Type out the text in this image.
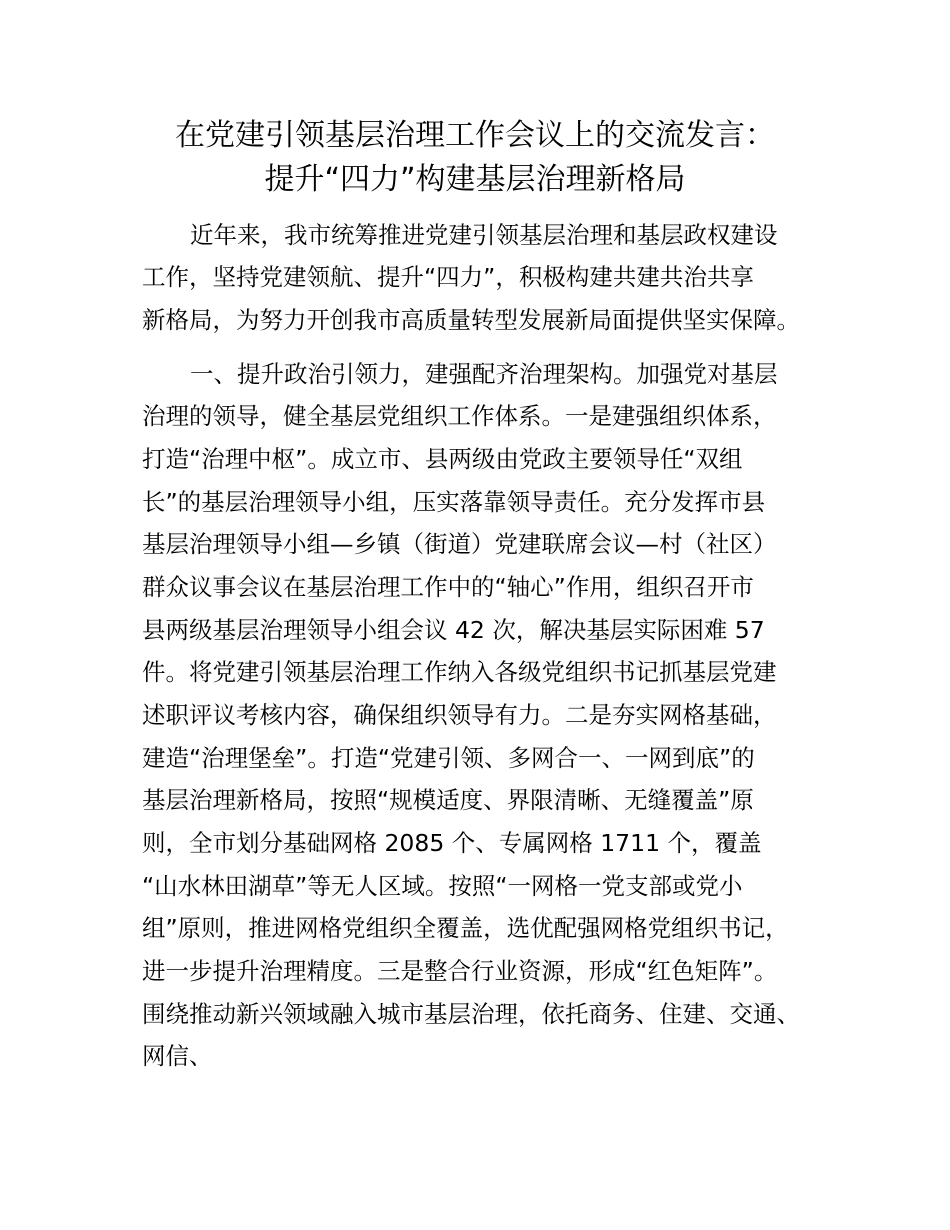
在党建引领基层治理工作会议上的交流发言：
提升“四力”构建基层治理新格局

近年来，我市统筹推进党建引领基层治理和基层政权建设

工作，坚持党建领航、提升“四力”，积极构建共建共治共享

新格局，为努力开创我市高质量转型发展新局面提供坚实保障。

一、提升政治引领力，建强配齐治理架构。加强党对基层

治理的领导，健全基层党组织工作体系。一是建强组织体系，

打造“治理中枢”。成立市、县两级由党政主要领导任“双组

长”的基层治理领导小组，压实落靠领导责任。充分发挥市县

基层治理领导小组—乡镇（街道）党建联席会议—村（社区）

群众议事会议在基层治理工作中的“轴心”作用，组织召开市

县两级基层治理领导小组会议 42 次，解决基层实际困难 57

件。将党建引领基层治理工作纳入各级党组织书记抓基层党建

述职评议考核内容，确保组织领导有力。二是夯实网格基础，

建造“治理堡垒”。打造“党建引领、多网合一、一网到底”的

基层治理新格局，按照“规模适度、界限清晰、无缝覆盖”原

则，全市划分基础网格 2085 个、专属网格 1711 个，覆盖

“山水林田湖草”等无人区域。按照“一网格一党支部或党小

组”原则，推进网格党组织全覆盖，选优配强网格党组织书记，

进一步提升治理精度。三是整合行业资源，形成“红色矩阵”。

围绕推动新兴领域融入城市基层治理，依托商务、住建、交通、

网信、
